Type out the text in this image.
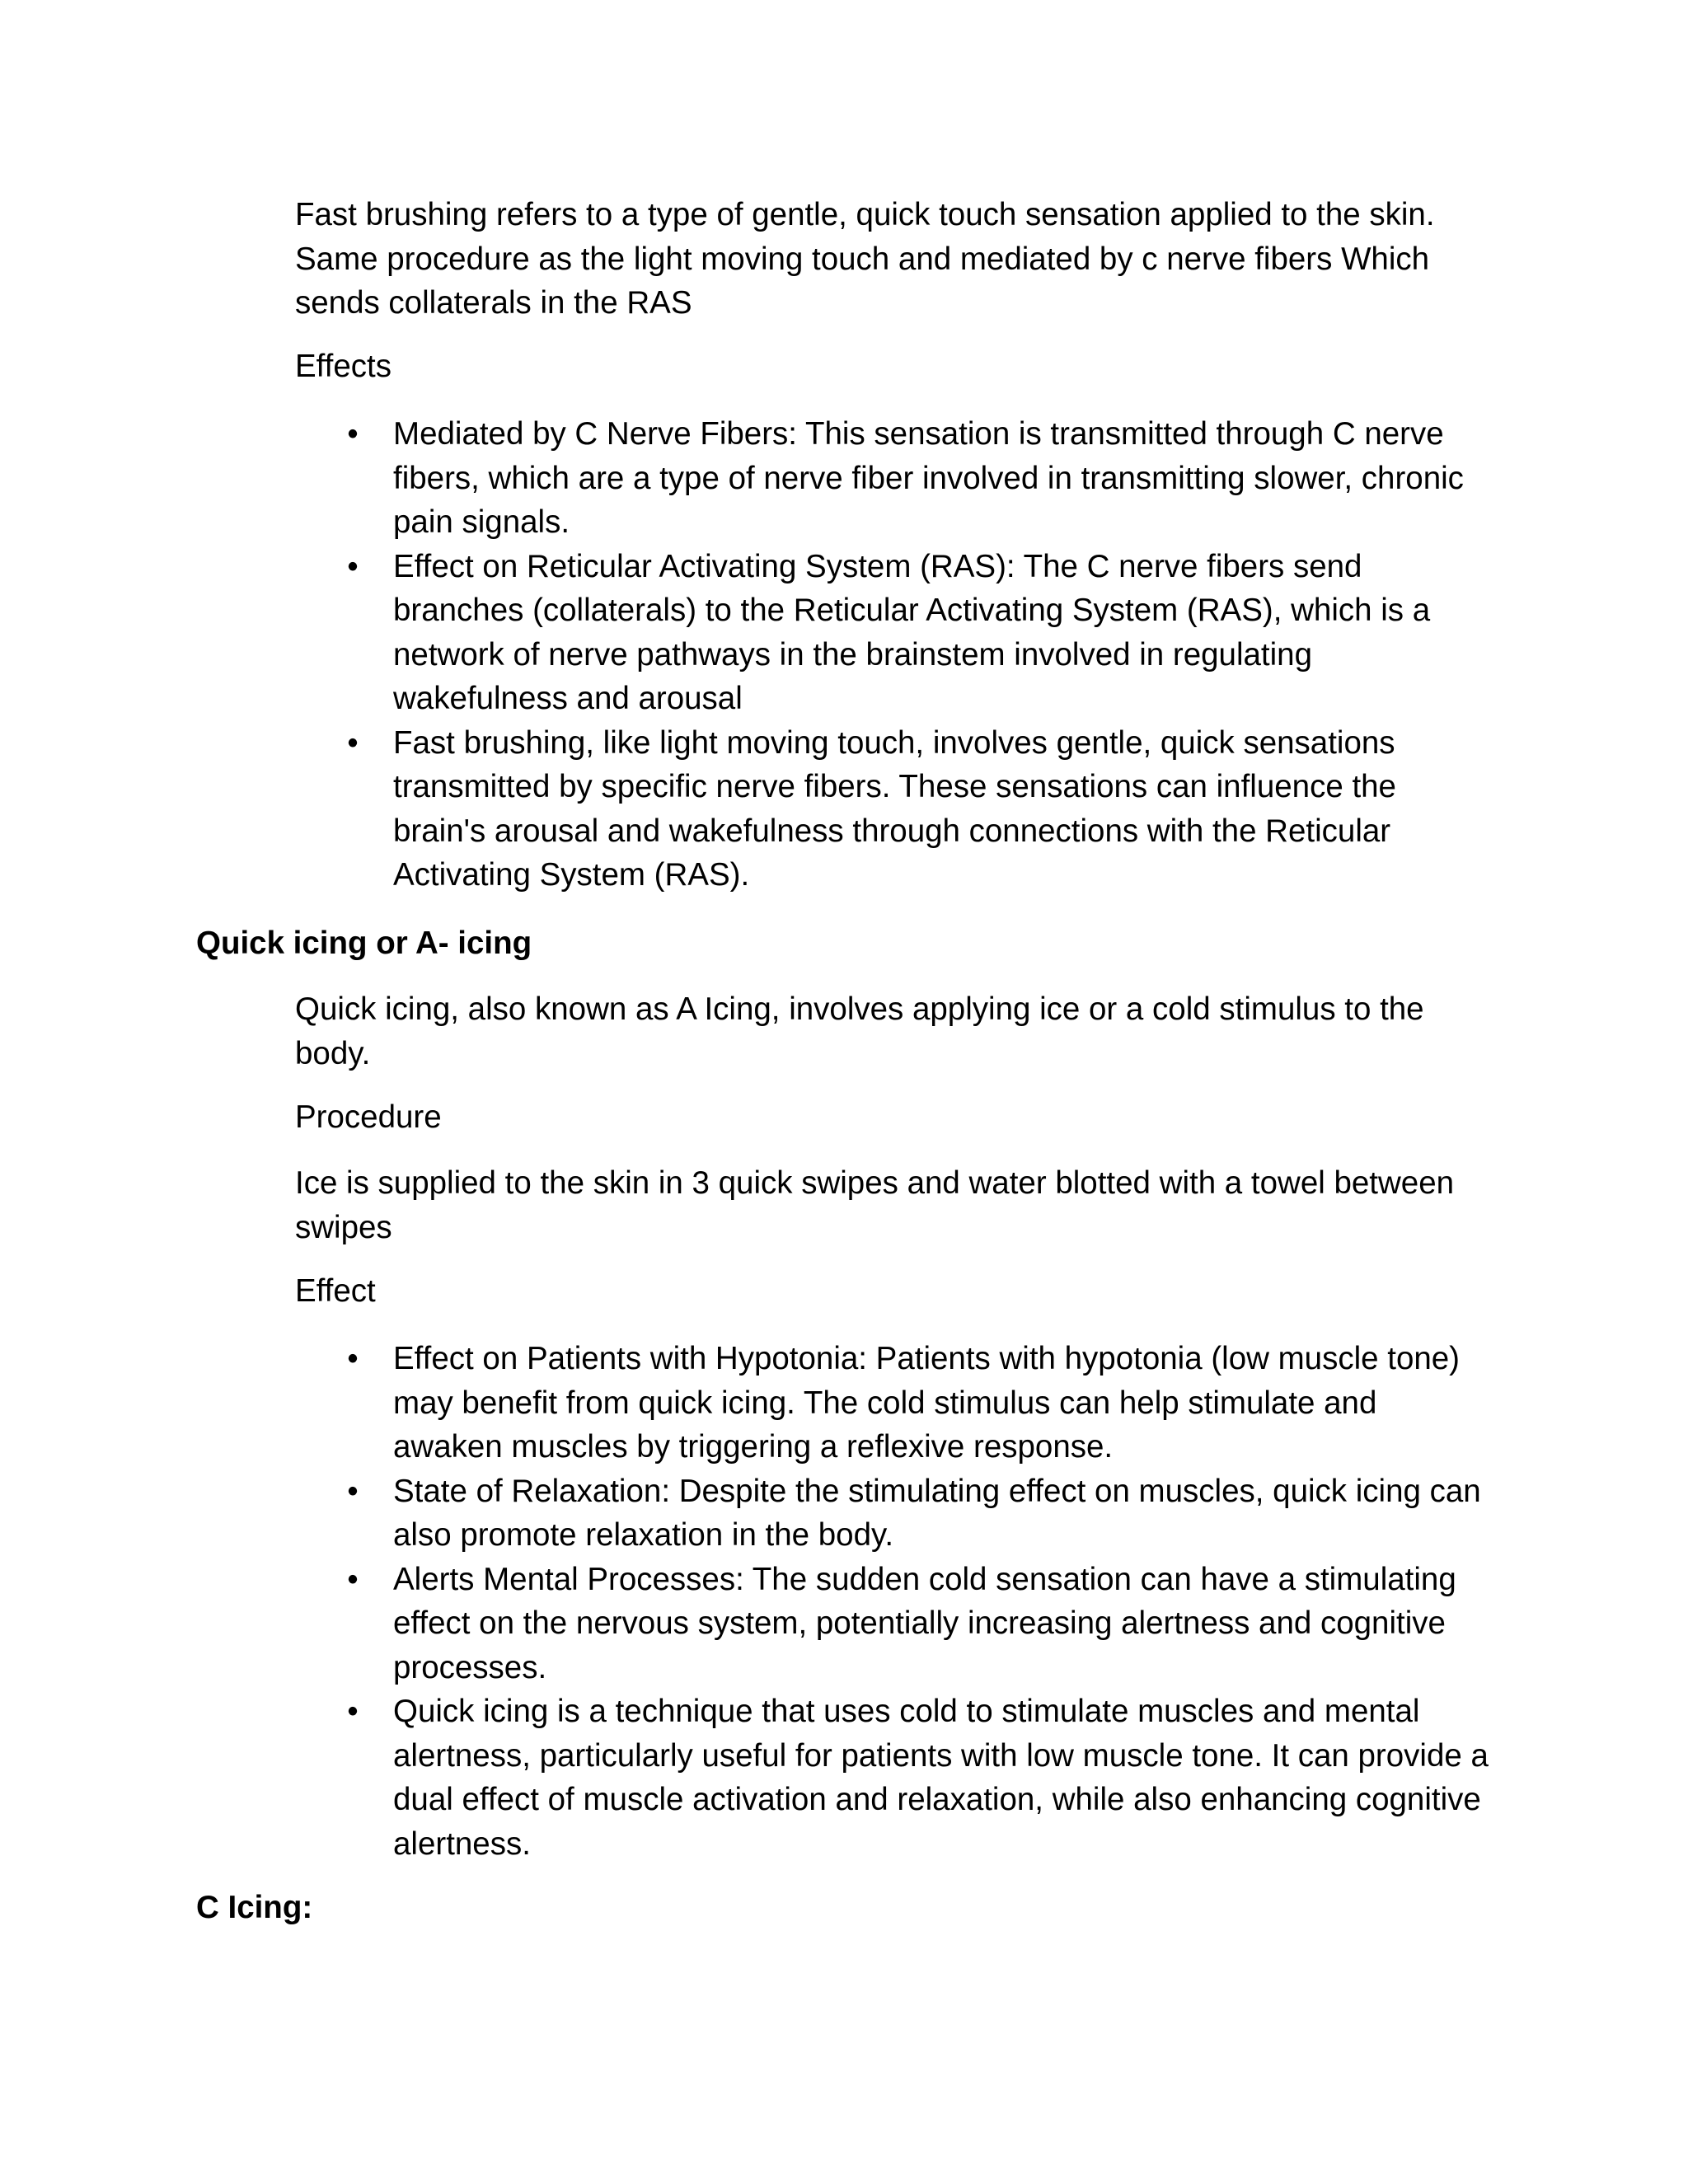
Fast brushing refers to a type of gentle, quick touch sensation applied to the skin. Same procedure as the light moving touch and mediated by c nerve fibers Which sends collaterals in the RAS

Effects

• Mediated by C Nerve Fibers: This sensation is transmitted through C nerve fibers, which are a type of nerve fiber involved in transmitting slower, chronic pain signals.
• Effect on Reticular Activating System (RAS): The C nerve fibers send branches (collaterals) to the Reticular Activating System (RAS), which is a network of nerve pathways in the brainstem involved in regulating wakefulness and arousal
• Fast brushing, like light moving touch, involves gentle, quick sensations transmitted by specific nerve fibers. These sensations can influence the brain's arousal and wakefulness through connections with the Reticular Activating System (RAS).
Quick icing or A- icing

Quick icing, also known as A Icing, involves applying ice or a cold stimulus to the body.

Procedure

Ice is supplied to the skin in 3 quick swipes and water blotted with a towel between swipes

Effect

• Effect on Patients with Hypotonia: Patients with hypotonia (low muscle tone) may benefit from quick icing. The cold stimulus can help stimulate and awaken muscles by triggering a reflexive response.
• State of Relaxation: Despite the stimulating effect on muscles, quick icing can also promote relaxation in the body.
• Alerts Mental Processes: The sudden cold sensation can have a stimulating effect on the nervous system, potentially increasing alertness and cognitive processes.
• Quick icing is a technique that uses cold to stimulate muscles and mental alertness, particularly useful for patients with low muscle tone. It can provide a dual effect of muscle activation and relaxation, while also enhancing cognitive alertness.
C Icing:
